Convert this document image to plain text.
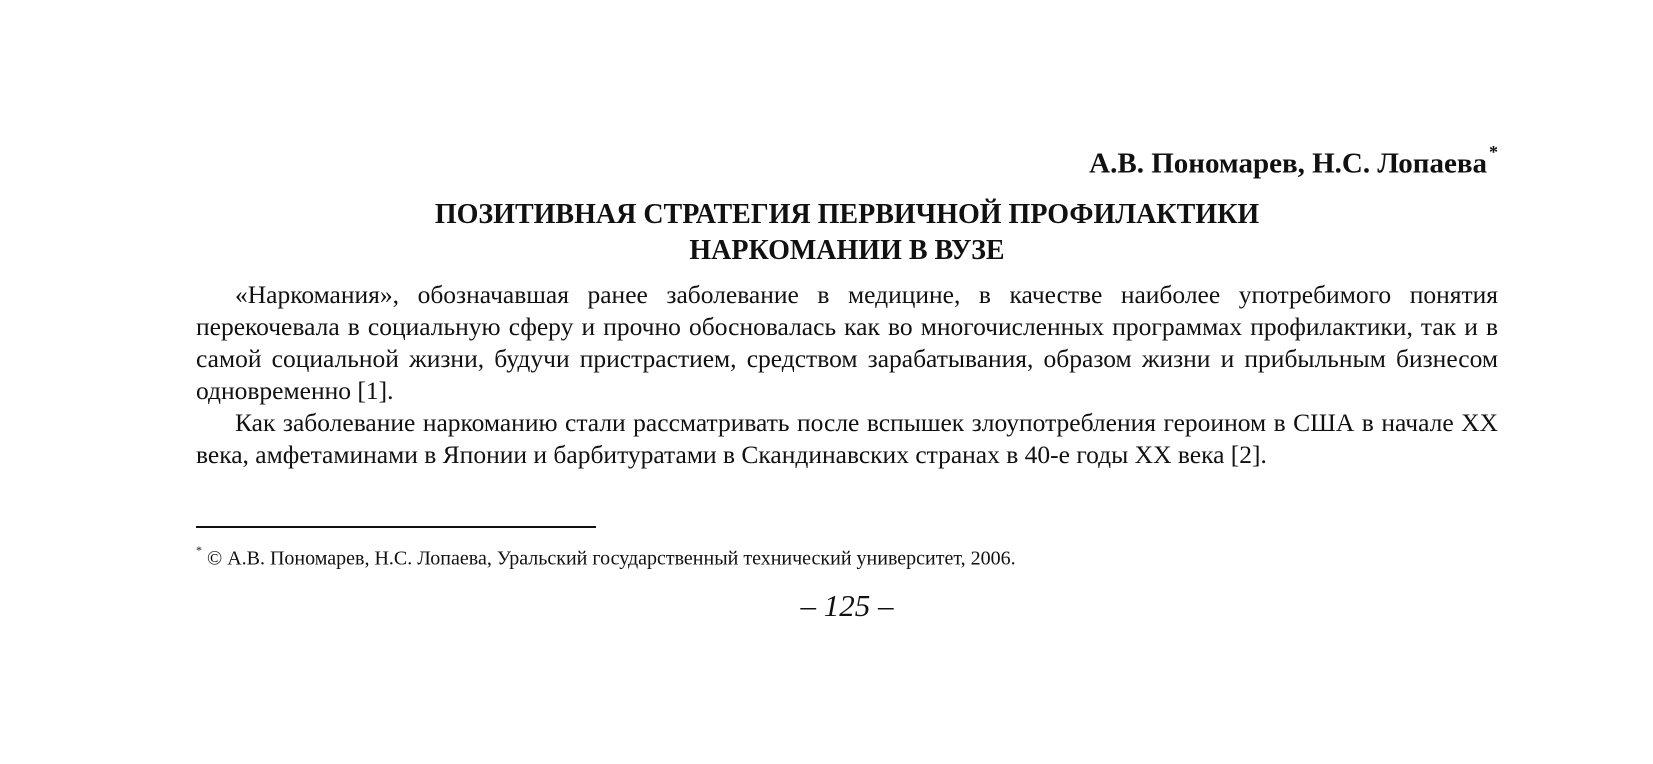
А.В. Пономарев, Н.С. Лопаева *
ПОЗИТИВНАЯ СТРАТЕГИЯ ПЕРВИЧНОЙ ПРОФИЛАКТИКИ
НАРКОМАНИИ В ВУЗЕ

«Наркомания», обозначавшая ранее заболевание в медицине, в качестве наиболее употребимого понятия перекочевала в социальную сферу и прочно обосновалась как во многочисленных программах профилактики, так и в самой социальной жизни, будучи пристрастием, средством зарабатывания, образом жизни и прибыльным бизнесом одновременно [1].

Как заболевание наркоманию стали рассматривать после вспышек злоупотребления героином в США в начале XX века, амфетаминами в Японии и барбитуратами в Скандинавских странах в 40-е годы XX века [2].

* © А.В. Пономарев, Н.С. Лопаева, Уральский государственный технический университет, 2006.

– 125 –
